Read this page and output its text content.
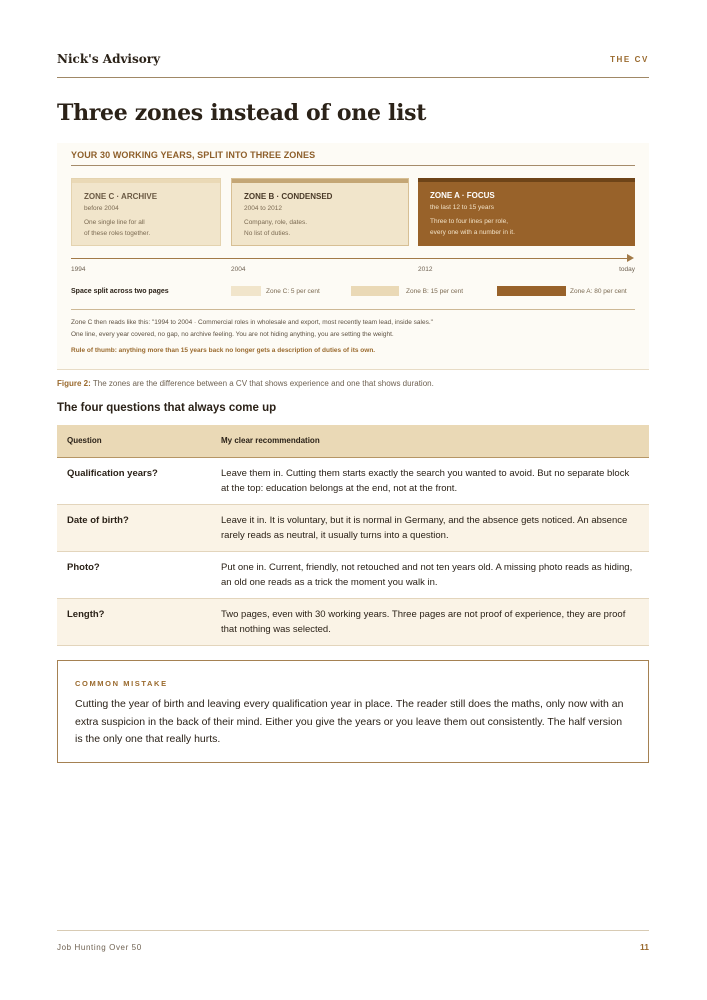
Nick's Advisory	THE CV
Three zones instead of one list
YOUR 30 WORKING YEARS, SPLIT INTO THREE ZONES
ZONE C · ARCHIVE
before 2004
One single line for all
of these roles together.
ZONE B · CONDENSED
2004 to 2012
Company, role, dates.
No list of duties.
ZONE A · FOCUS
the last 12 to 15 years
Three to four lines per role,
every one with a number in it.
1994	2004	2012	today
Space split across two pages	Zone C: 5 per cent	Zone B: 15 per cent	Zone A: 80 per cent
Zone C then reads like this: "1994 to 2004 · Commercial roles in wholesale and export, most recently team lead, inside sales."
One line, every year covered, no gap, no archive feeling. You are not hiding anything, you are setting the weight.
Rule of thumb: anything more than 15 years back no longer gets a description of duties of its own.
Figure 2: The zones are the difference between a CV that shows experience and one that shows duration.
The four questions that always come up
Question	My clear recommendation
Qualification years?	Leave them in. Cutting them starts exactly the search you wanted to avoid. But no separate block at the top: education belongs at the end, not at the front.
Date of birth?	Leave it in. It is voluntary, but it is normal in Germany, and the absence gets noticed. An absence rarely reads as neutral, it usually turns into a question.
Photo?	Put one in. Current, friendly, not retouched and not ten years old. A missing photo reads as hiding, an old one reads as a trick the moment you walk in.
Length?	Two pages, even with 30 working years. Three pages are not proof of experience, they are proof that nothing was selected.
COMMON MISTAKE
Cutting the year of birth and leaving every qualification year in place. The reader still does the maths, only now with an extra suspicion in the back of their mind. Either you give the years or you leave them out consistently. The half version is the only one that really hurts.
Job Hunting Over 50	11
